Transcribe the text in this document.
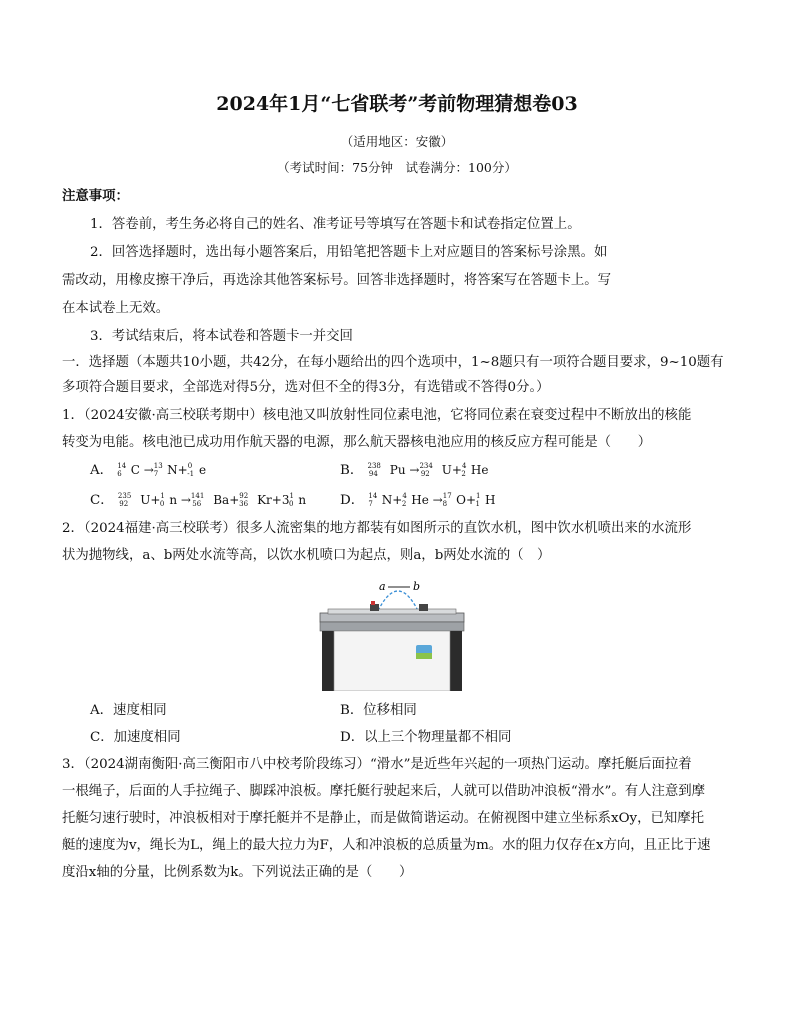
2024年1月“七省联考”考前物理猜想卷03
（适用地区：安徽）
（考试时间：75分钟　试卷满分：100分）
注意事项：
1．答卷前，考生务必将自己的姓名、准考证号等填写在答题卡和试卷指定位置上。
2．回答选择题时，选出每小题答案后，用铅笔把答题卡上对应题目的答案标号涂黑。如
需改动，用橡皮擦干净后，再选涂其他答案标号。回答非选择题时，将答案写在答题卡上。写
在本试卷上无效。
3．考试结束后，将本试卷和答题卡一并交回
一．选择题（本题共10小题，共42分，在每小题给出的四个选项中，1~8题只有一项符合题目要求，9~10题有
多项符合题目要求，全部选对得5分，选对但不全的得3分，有选错或不答得0分。）
1．（2024安徽·高三校联考期中）核电池又叫放射性同位素电池，它将同位素在衰变过程中不断放出的核能
转变为电能。核电池已成功用作航天器的电源，那么航天器核电池应用的核反应方程可能是（　　）
A． $^{14}_6$ C →$^{13}_7$ N+$^0_{-1}$ e	B． $^{238}_{94}$ Pu →$^{234}_{92}$ U+$^4_2$ He
C． $^{235}_{92}$ U+$^1_0$ n →$^{141}_{56}$ Ba+$^{92}_{36}$ $Kr+3^1_0$ n	D． $^{14}_7$ N+$^4_2$ He →$^{17}_8$ O+$^1_1$ H
2．（2024福建·高三校联考）很多人流密集的地方都装有如图所示的直饮水机，图中饮水机喷出来的水流形
状为抛物线，a、b两处水流等高，以饮水机喷口为起点，则a，b两处水流的（　）
a b
A．速度相同	B．位移相同
C．加速度相同	D．以上三个物理量都不相同
3．（2024湖南衡阳·高三衡阳市八中校考阶段练习）“滑水”是近些年兴起的一项热门运动。摩托艇后面拉着
一根绳子，后面的人手拉绳子、脚踩冲浪板。摩托艇行驶起来后，人就可以借助冲浪板“滑水”。有人注意到摩
托艇匀速行驶时，冲浪板相对于摩托艇并不是静止，而是做简谐运动。在俯视图中建立坐标系xOy，已知摩托
艇的速度为v，绳长为L，绳上的最大拉力为F，人和冲浪板的总质量为m。水的阻力仅存在x方向，且正比于速
度沿x轴的分量，比例系数为k。下列说法正确的是（　　）
